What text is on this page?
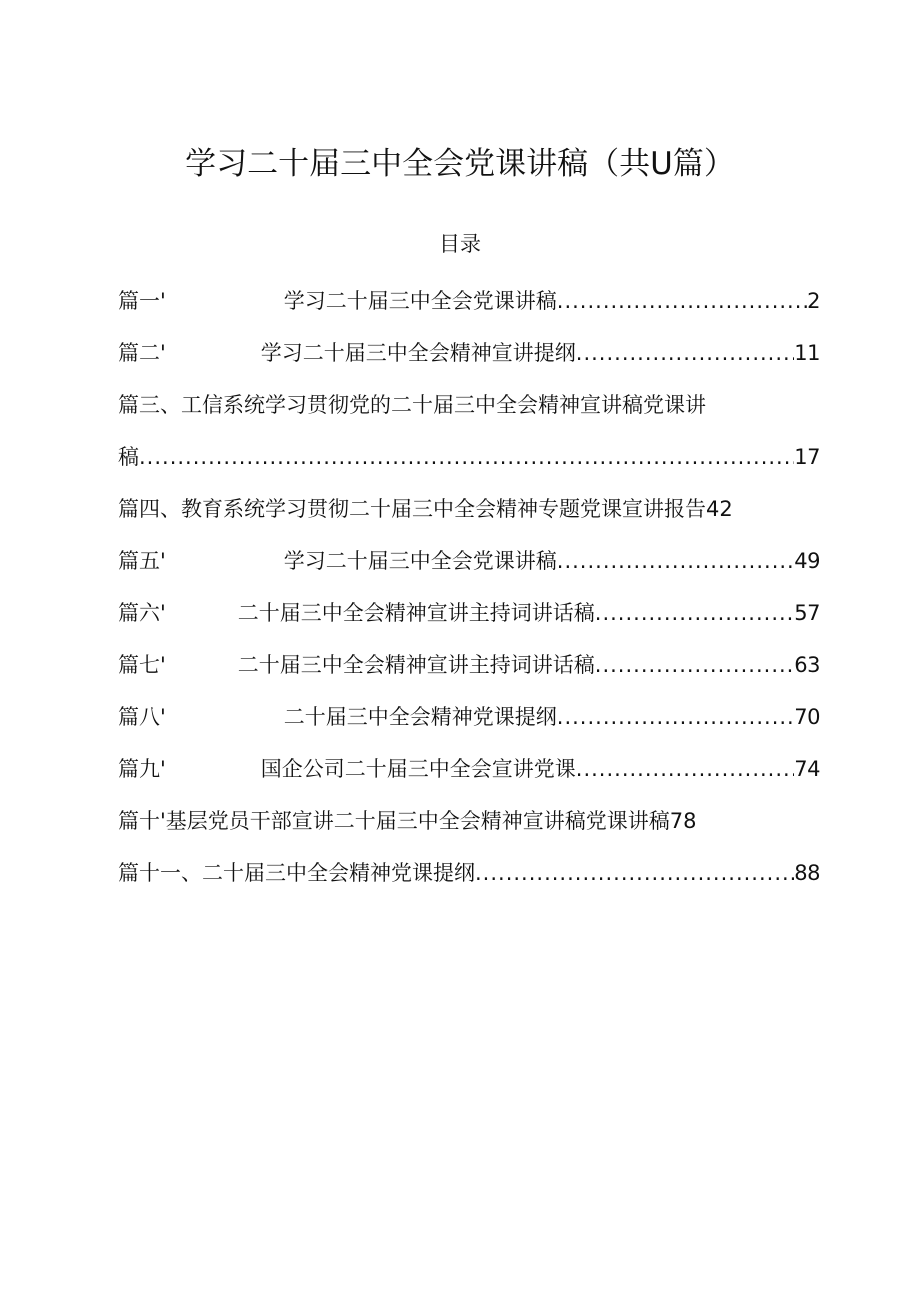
学习二十届三中全会党课讲稿（共U篇）
目录
篇一'	学习二十届三中全会党课讲稿 .....	2
篇二'	学习二十届三中全会精神宣讲提纲 .....	11
篇三、工信系统学习贯彻党的二十届三中全会精神宣讲稿党课讲
稿 .....	17
篇四、教育系统学习贯彻二十届三中全会精神专题党课宣讲报告42
篇五'	学习二十届三中全会党课讲稿 .....	49
篇六'	二十届三中全会精神宣讲主持词讲话稿 .....	57
篇七'	二十届三中全会精神宣讲主持词讲话稿 .....	63
篇八'	二十届三中全会精神党课提纲 .....	70
篇九'	国企公司二十届三中全会宣讲党课 .....	74
篇十'基层党员干部宣讲二十届三中全会精神宣讲稿党课讲稿78
篇十一、 二十届三中全会精神党课提纲 .....	88
